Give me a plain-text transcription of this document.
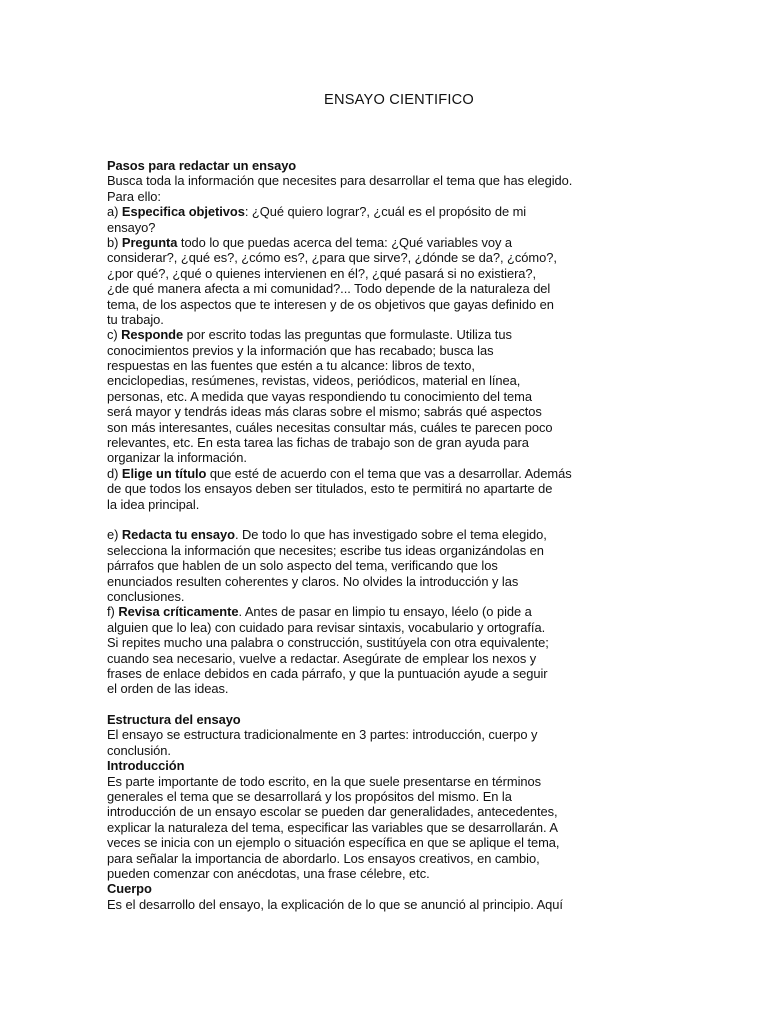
ENSAYO CIENTIFICO
Pasos para redactar un ensayo
Busca toda la información que necesites para desarrollar el tema que has elegido.
Para ello:
a) Especifica objetivos: ¿Qué quiero lograr?, ¿cuál es el propósito de mi
ensayo?
b) Pregunta todo lo que puedas acerca del tema: ¿Qué variables voy a
considerar?, ¿qué es?, ¿cómo es?, ¿para que sirve?, ¿dónde se da?, ¿cómo?,
¿por qué?, ¿qué o quienes intervienen en él?, ¿qué pasará si no existiera?,
¿de qué manera afecta a mi comunidad?... Todo depende de la naturaleza del
tema, de los aspectos que te interesen y de os objetivos que gayas definido en
tu trabajo.
c) Responde por escrito todas las preguntas que formulaste. Utiliza tus
conocimientos previos y la información que has recabado; busca las
respuestas en las fuentes que estén a tu alcance: libros de texto,
enciclopedias, resúmenes, revistas, videos, periódicos, material en línea,
personas, etc. A medida que vayas respondiendo tu conocimiento del tema
será mayor y tendrás ideas más claras sobre el mismo; sabrás qué aspectos
son más interesantes, cuáles necesitas consultar más, cuáles te parecen poco
relevantes, etc. En esta tarea las fichas de trabajo son de gran ayuda para
organizar la información.
d) Elige un título que esté de acuerdo con el tema que vas a desarrollar. Además
de que todos los ensayos deben ser titulados, esto te permitirá no apartarte de
la idea principal.
e) Redacta tu ensayo. De todo lo que has investigado sobre el tema elegido,
selecciona la información que necesites; escribe tus ideas organizándolas en
párrafos que hablen de un solo aspecto del tema, verificando que los
enunciados resulten coherentes y claros. No olvides la introducción y las
conclusiones.
f) Revisa críticamente. Antes de pasar en limpio tu ensayo, léelo (o pide a
alguien que lo lea) con cuidado para revisar sintaxis, vocabulario y ortografía.
Si repites mucho una palabra o construcción, sustitúyela con otra equivalente;
cuando sea necesario, vuelve a redactar. Asegúrate de emplear los nexos y
frases de enlace debidos en cada párrafo, y que la puntuación ayude a seguir
el orden de las ideas.
Estructura del ensayo
El ensayo se estructura tradicionalmente en 3 partes: introducción, cuerpo y
conclusión.
Introducción
Es parte importante de todo escrito, en la que suele presentarse en términos
generales el tema que se desarrollará y los propósitos del mismo. En la
introducción de un ensayo escolar se pueden dar generalidades, antecedentes,
explicar la naturaleza del tema, especificar las variables que se desarrollarán. A
veces se inicia con un ejemplo o situación específica en que se aplique el tema,
para señalar la importancia de abordarlo. Los ensayos creativos, en cambio,
pueden comenzar con anécdotas, una frase célebre, etc.
Cuerpo
Es el desarrollo del ensayo, la explicación de lo que se anunció al principio. Aquí
